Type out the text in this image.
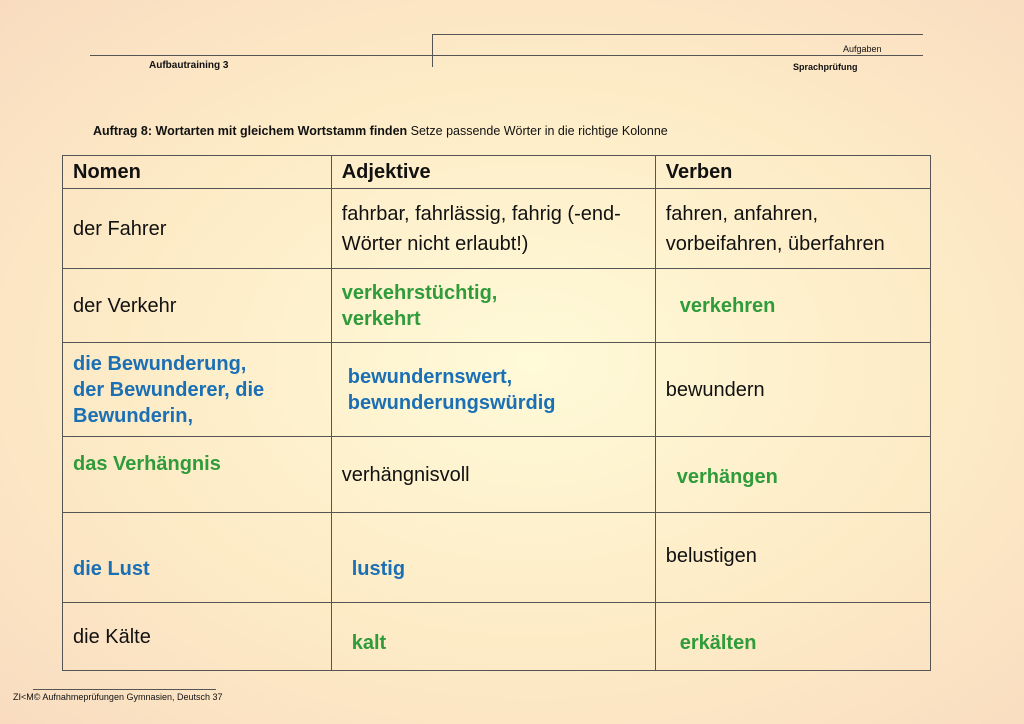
Aufbautraining 3
Aufgaben
Sprachprüfung
Auftrag 8: Wortarten mit gleichem Wortstamm finden Setze passende Wörter in die richtige Kolonne
Nomen	Adjektive	Verben

der Fahrer	fahrbar, fahrlässig, fahrig (-end-Wörter nicht erlaubt!)	fahren, anfahren, vorbeifahren, überfahren

der Verkehr	verkehrstüchtig, verkehrt	verkehren

die Bewunderung, der Bewunderer, die Bewunderin,	bewundernswert, bewunderungswürdig	bewundern

das Verhängnis	verhängnisvoll	verhängen

die Lust	lustig	belustigen

die Kälte	kalt	erkälten
ZI<M© Aufnahmeprüfungen Gymnasien, Deutsch 37
